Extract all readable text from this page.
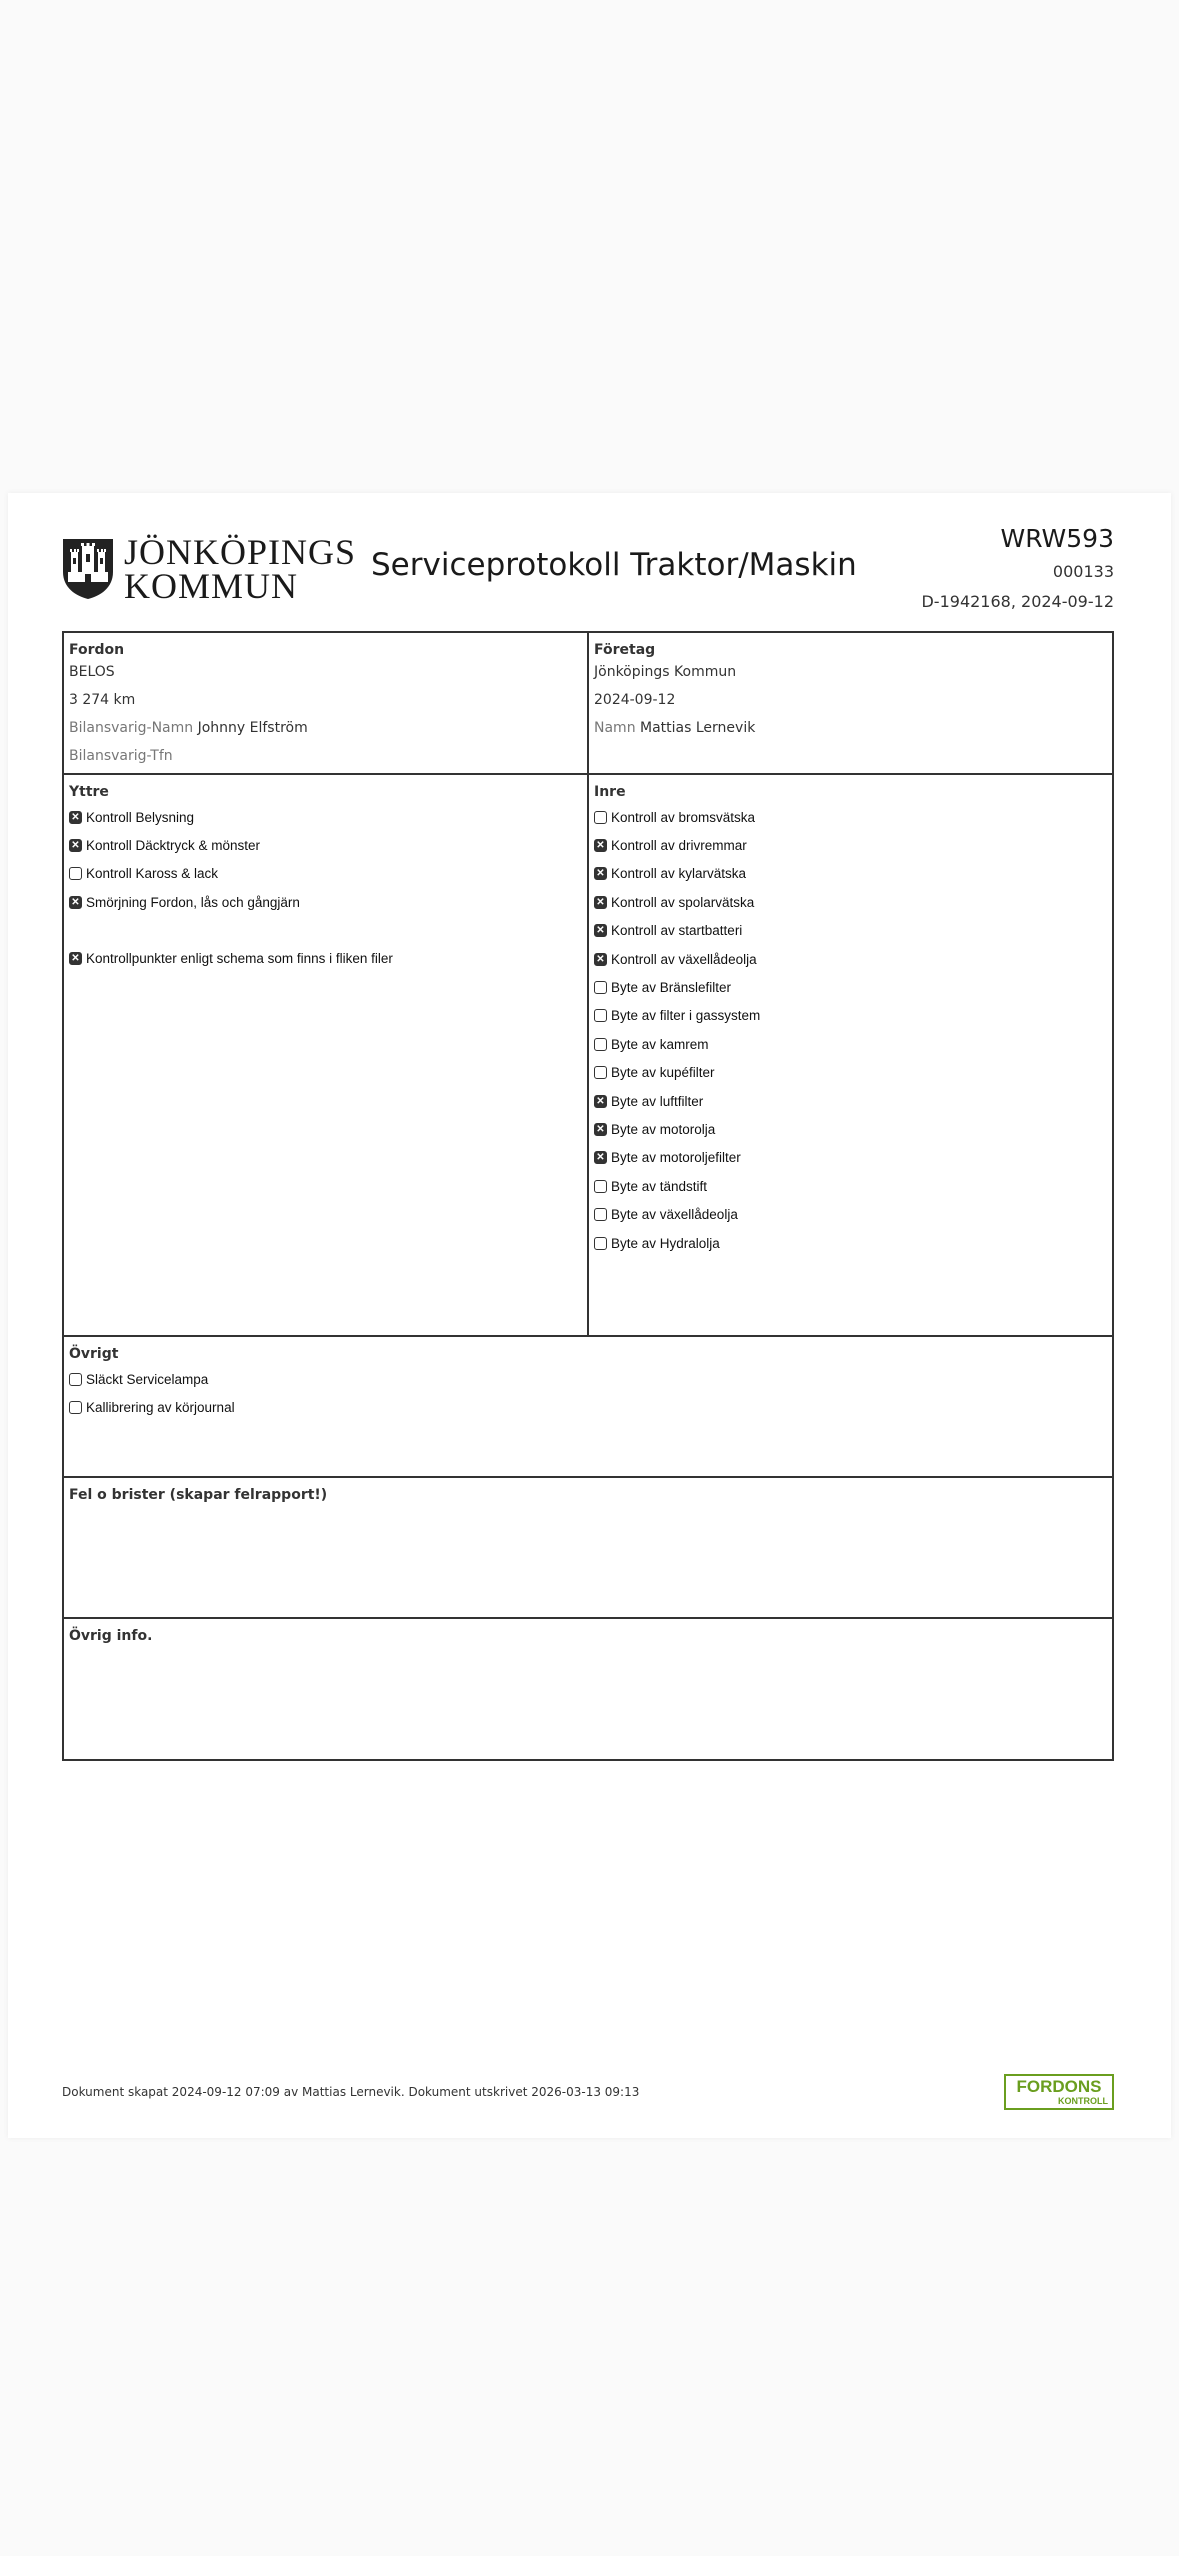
JÖNKÖPINGS
KOMMUN
Serviceprotokoll Traktor/Maskin
WRW593
000133
D-1942168, 2024-09-12
Fordon
BELOS
3 274 km
Bilansvarig-Namn Johnny Elfström
Bilansvarig-Tfn
Företag
Jönköpings Kommun
2024-09-12
Namn Mattias Lernevik
Yttre
✕ Kontroll Belysning
✕ Kontroll Däcktryck & mönster
Kontroll Kaross & lack
✕ Smörjning Fordon, lås och gångjärn
✕ Kontrollpunkter enligt schema som finns i fliken filer
Inre
Kontroll av bromsvätska
✕ Kontroll av drivremmar
✕ Kontroll av kylarvätska
✕ Kontroll av spolarvätska
✕ Kontroll av startbatteri
✕ Kontroll av växellådeolja
Byte av Bränslefilter
Byte av filter i gassystem
Byte av kamrem
Byte av kupéfilter
✕ Byte av luftfilter
✕ Byte av motorolja
✕ Byte av motoroljefilter
Byte av tändstift
Byte av växellådeolja
Byte av Hydralolja
Övrigt
Släckt Servicelampa
Kallibrering av körjournal
Fel o brister (skapar felrapport!)
Övrig info.
Dokument skapat 2024-09-12 07:09 av Mattias Lernevik. Dokument utskrivet 2026-03-13 09:13	FORDONS
KONTROLL
